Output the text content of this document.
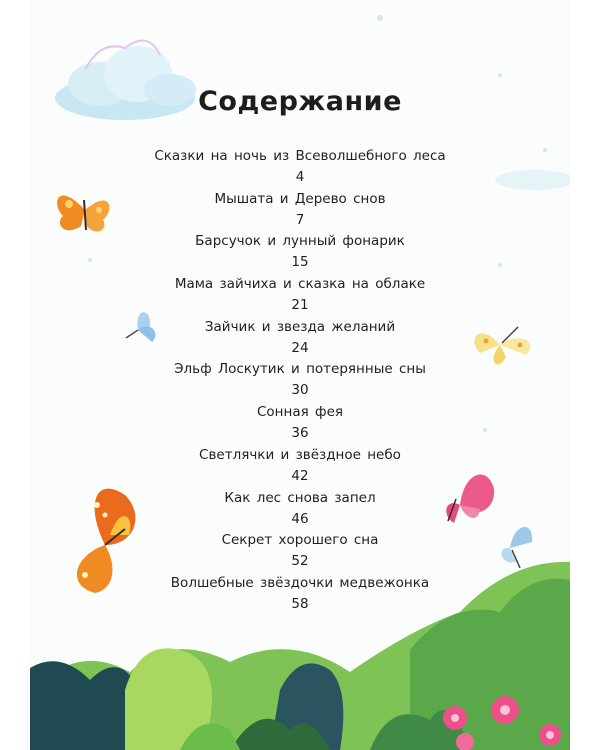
Содержание
Сказки на ночь из Всеволшебного леса
4
Мышата и Дерево снов
7
Барсучок и лунный фонарик
15
Мама зайчиха и сказка на облаке
21
Зайчик и звезда желаний
24
Эльф Лоскутик и потерянные сны
30
Сонная фея
36
Светлячки и звёздное небо
42
Как лес снова запел
46
Секрет хорошего сна
52
Волшебные звёздочки медвежонка
58
